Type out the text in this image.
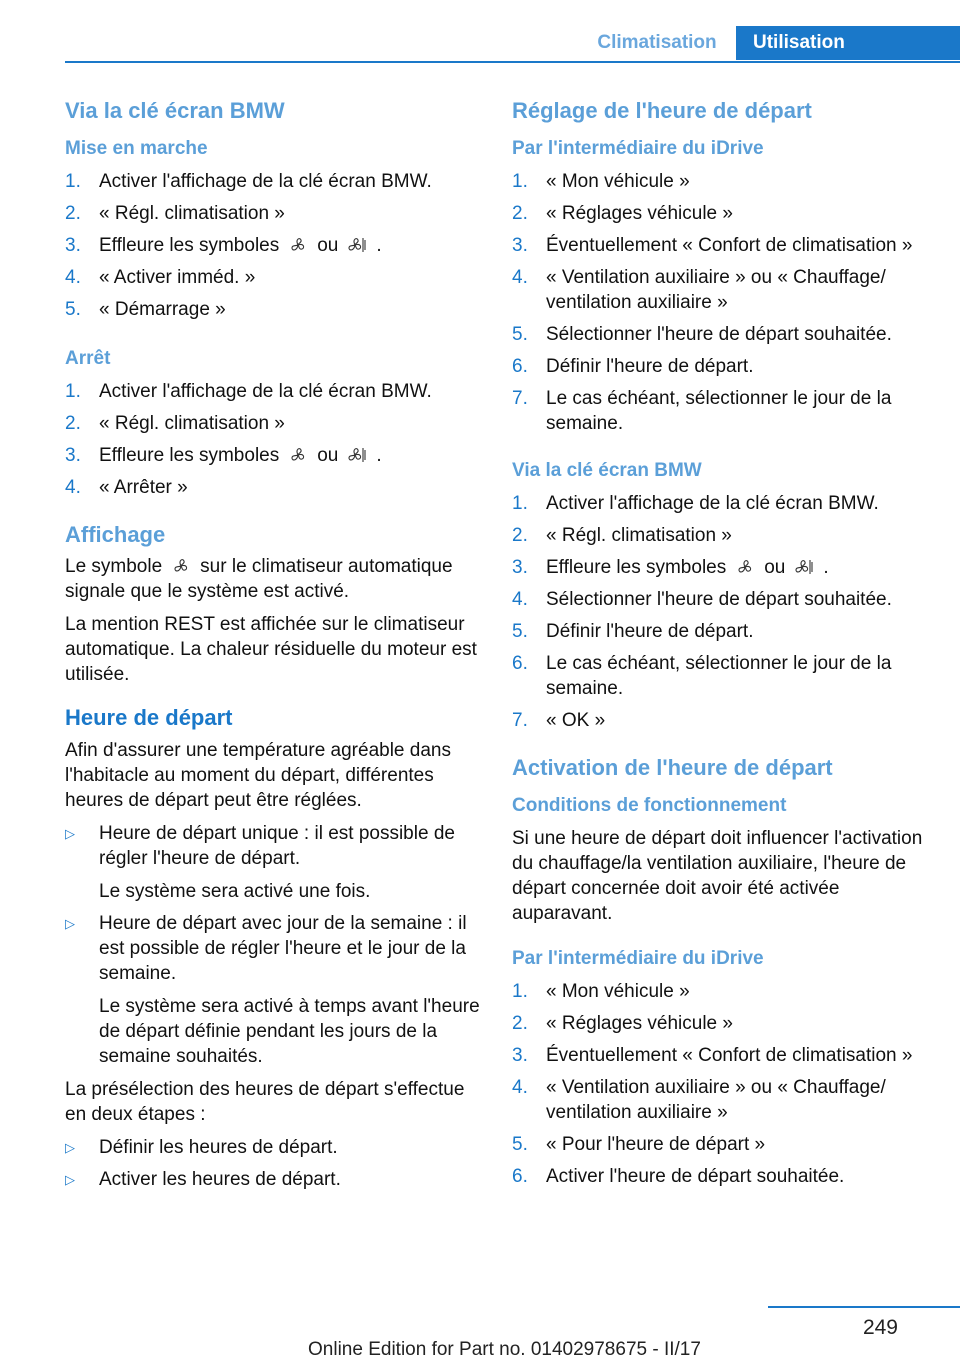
Climatisation	Utilisation
Via la clé écran BMW
Mise en marche
1. Activer l'affichage de la clé écran BMW.
2. « Régl. climatisation »
3. Effleure les symboles ou .
4. « Activer imméd. »
5. « Démarrage »
Arrêt
1. Activer l'affichage de la clé écran BMW.
2. « Régl. climatisation »
3. Effleure les symboles ou .
4. « Arrêter »
Affichage

Le symbole sur le climatiseur automatique signale que le système est activé.

La mention REST est affichée sur le climatiseur automatique. La chaleur résiduelle du moteur est utilisée.

Heure de départ

Afin d'assurer une température agréable dans l'habitacle au moment du départ, différentes heures de départ peut être réglées.

▷ Heure de départ unique : il est possible de régler l'heure de départ.

Le système sera activé une fois.

▷ Heure de départ avec jour de la semaine : il est possible de régler l'heure et le jour de la semaine.

Le système sera activé à temps avant l'heure de départ définie pendant les jours de la semaine souhaités.

La présélection des heures de départ s'effectue en deux étapes :

▷ Définir les heures de départ.
▷ Activer les heures de départ.
Réglage de l'heure de départ
Par l'intermédiaire du iDrive
1. « Mon véhicule »
2. « Réglages véhicule »
3. Éventuellement « Confort de climatisation »
4. « Ventilation auxiliaire » ou « Chauffage/ ventilation auxiliaire »
5. Sélectionner l'heure de départ souhaitée.
6. Définir l'heure de départ.
7. Le cas échéant, sélectionner le jour de la semaine.
Via la clé écran BMW
1. Activer l'affichage de la clé écran BMW.
2. « Régl. climatisation »
3. Effleure les symboles ou .
4. Sélectionner l'heure de départ souhaitée.
5. Définir l'heure de départ.
6. Le cas échéant, sélectionner le jour de la semaine.
7. « OK »
Activation de l'heure de départ
Conditions de fonctionnement

Si une heure de départ doit influencer l'activation du chauffage/la ventilation auxiliaire, l'heure de départ concernée doit avoir été activée auparavant.

Par l'intermédiaire du iDrive
1. « Mon véhicule »
2. « Réglages véhicule »
3. Éventuellement « Confort de climatisation »
4. « Ventilation auxiliaire » ou « Chauffage/ ventilation auxiliaire »
5. « Pour l'heure de départ »
6. Activer l'heure de départ souhaitée.
249
Online Edition for Part no. 01402978675 - II/17
